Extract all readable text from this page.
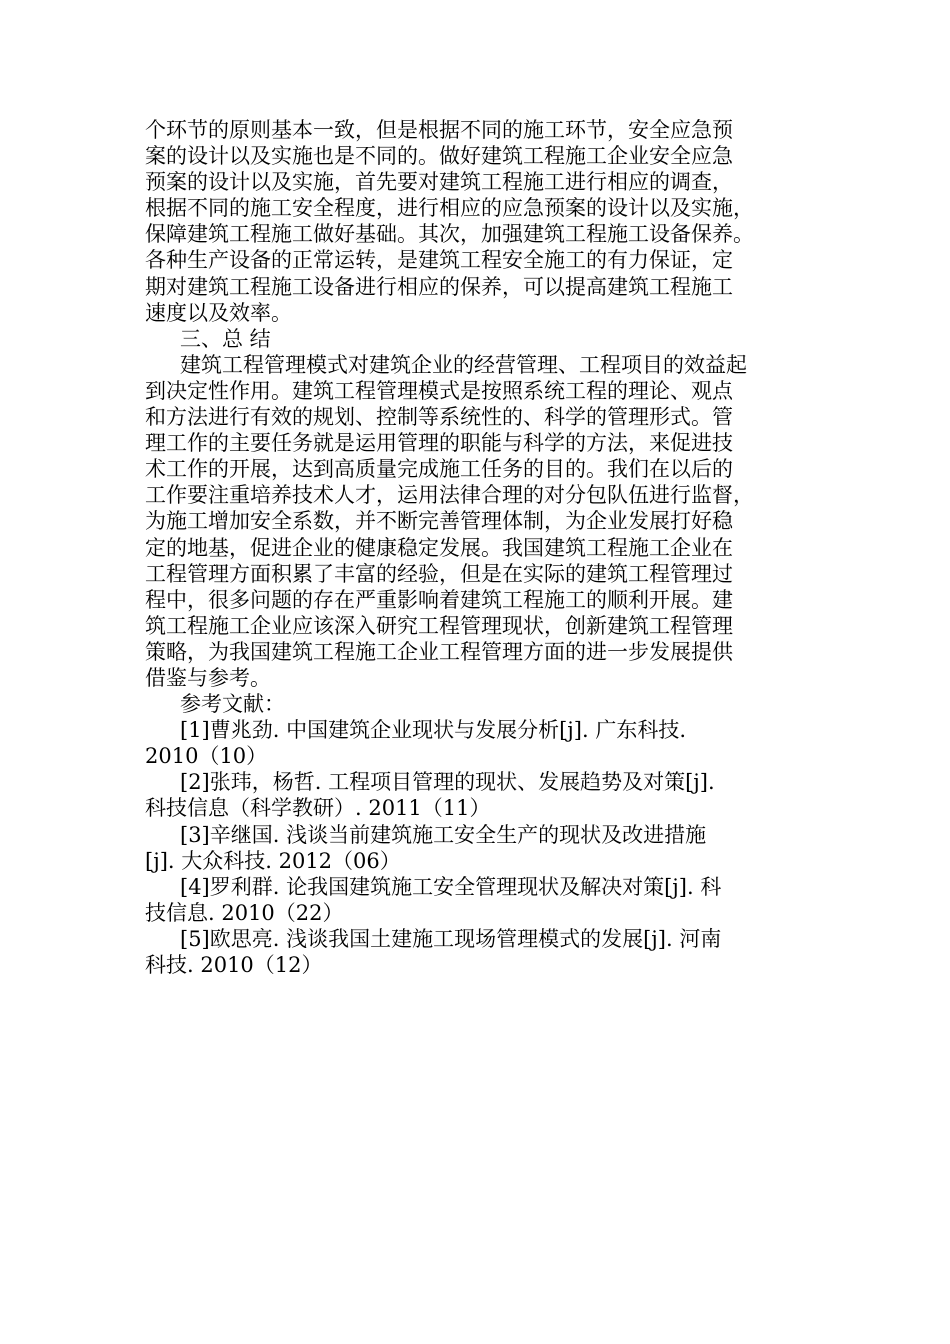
个环节的原则基本一致，但是根据不同的施工环节，安全应急预
案的设计以及实施也是不同的。做好建筑工程施工企业安全应急
预案的设计以及实施，首先要对建筑工程施工进行相应的调查，
根据不同的施工安全程度，进行相应的应急预案的设计以及实施，
保障建筑工程施工做好基础。其次，加强建筑工程施工设备保养。
各种生产设备的正常运转，是建筑工程安全施工的有力保证，定
期对建筑工程施工设备进行相应的保养，可以提高建筑工程施工
速度以及效率。
三、总 结
建筑工程管理模式对建筑企业的经营管理、工程项目的效益起
到决定性作用。建筑工程管理模式是按照系统工程的理论、观点
和方法进行有效的规划、控制等系统性的、科学的管理形式。管
理工作的主要任务就是运用管理的职能与科学的方法，来促进技
术工作的开展，达到高质量完成施工任务的目的。我们在以后的
工作要注重培养技术人才，运用法律合理的对分包队伍进行监督，
为施工增加安全系数，并不断完善管理体制，为企业发展打好稳
定的地基，促进企业的健康稳定发展。我国建筑工程施工企业在
工程管理方面积累了丰富的经验，但是在实际的建筑工程管理过
程中，很多问题的存在严重影响着建筑工程施工的顺利开展。建
筑工程施工企业应该深入研究工程管理现状，创新建筑工程管理
策略，为我国建筑工程施工企业工程管理方面的进一步发展提供
借鉴与参考。
参考文献：
[1]曹兆劲. 中国建筑企业现状与发展分析[j]. 广东科技.
2010（10）
[2]张玮，杨哲. 工程项目管理的现状、发展趋势及对策[j].
科技信息（科学教研）. 2011（11）
[3]辛继国. 浅谈当前建筑施工安全生产的现状及改进措施
[j]. 大众科技. 2012（06）
[4]罗利群. 论我国建筑施工安全管理现状及解决对策[j]. 科
技信息. 2010（22）
[5]欧思亮. 浅谈我国土建施工现场管理模式的发展[j]. 河南
科技. 2010（12）
